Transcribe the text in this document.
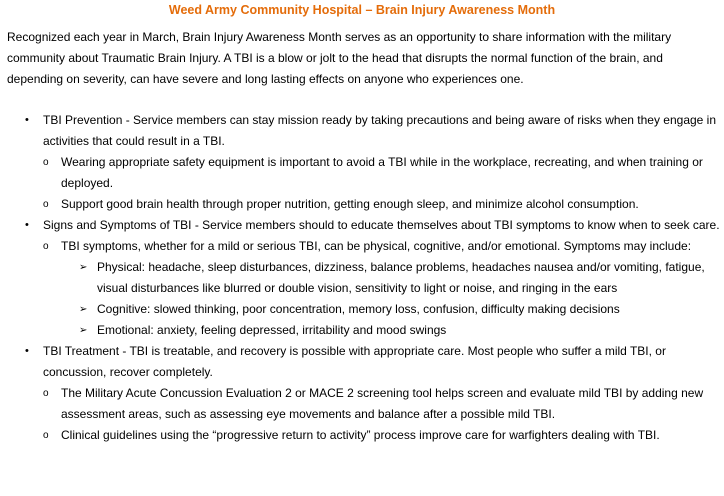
Weed Army Community Hospital – Brain Injury Awareness Month

Recognized each year in March, Brain Injury Awareness Month serves as an opportunity to share information with the military community about Traumatic Brain Injury. A TBI is a blow or jolt to the head that disrupts the normal function of the brain, and depending on severity, can have severe and long lasting effects on anyone who experiences one.

• TBI Prevention - Service members can stay mission ready by taking precautions and being aware of risks when they engage in activities that could result in a TBI.
o Wearing appropriate safety equipment is important to avoid a TBI while in the workplace, recreating, and when training or deployed.
o Support good brain health through proper nutrition, getting enough sleep, and minimize alcohol consumption.
• Signs and Symptoms of TBI - Service members should to educate themselves about TBI symptoms to know when to seek care.
o TBI symptoms, whether for a mild or serious TBI, can be physical, cognitive, and/or emotional. Symptoms may include:
➢ Physical: headache, sleep disturbances, dizziness, balance problems, headaches nausea and/or vomiting, fatigue, visual disturbances like blurred or double vision, sensitivity to light or noise, and ringing in the ears
➢ Cognitive: slowed thinking, poor concentration, memory loss, confusion, difficulty making decisions
➢ Emotional: anxiety, feeling depressed, irritability and mood swings
• TBI Treatment - TBI is treatable, and recovery is possible with appropriate care. Most people who suffer a mild TBI, or concussion, recover completely.
o The Military Acute Concussion Evaluation 2 or MACE 2 screening tool helps screen and evaluate mild TBI by adding new assessment areas, such as assessing eye movements and balance after a possible mild TBI.
o Clinical guidelines using the “progressive return to activity” process improve care for warfighters dealing with TBI.
